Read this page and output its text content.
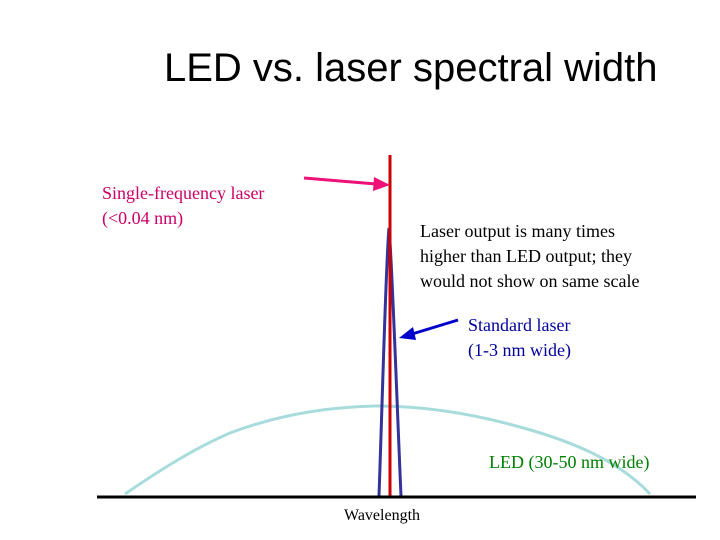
LED vs. laser spectral width
Single-frequency laser
(<0.04 nm)
Laser output is many times
higher than LED output; they
would not show on same scale
Standard laser
(1-3 nm wide)
LED (30-50 nm wide)
Wavelength
